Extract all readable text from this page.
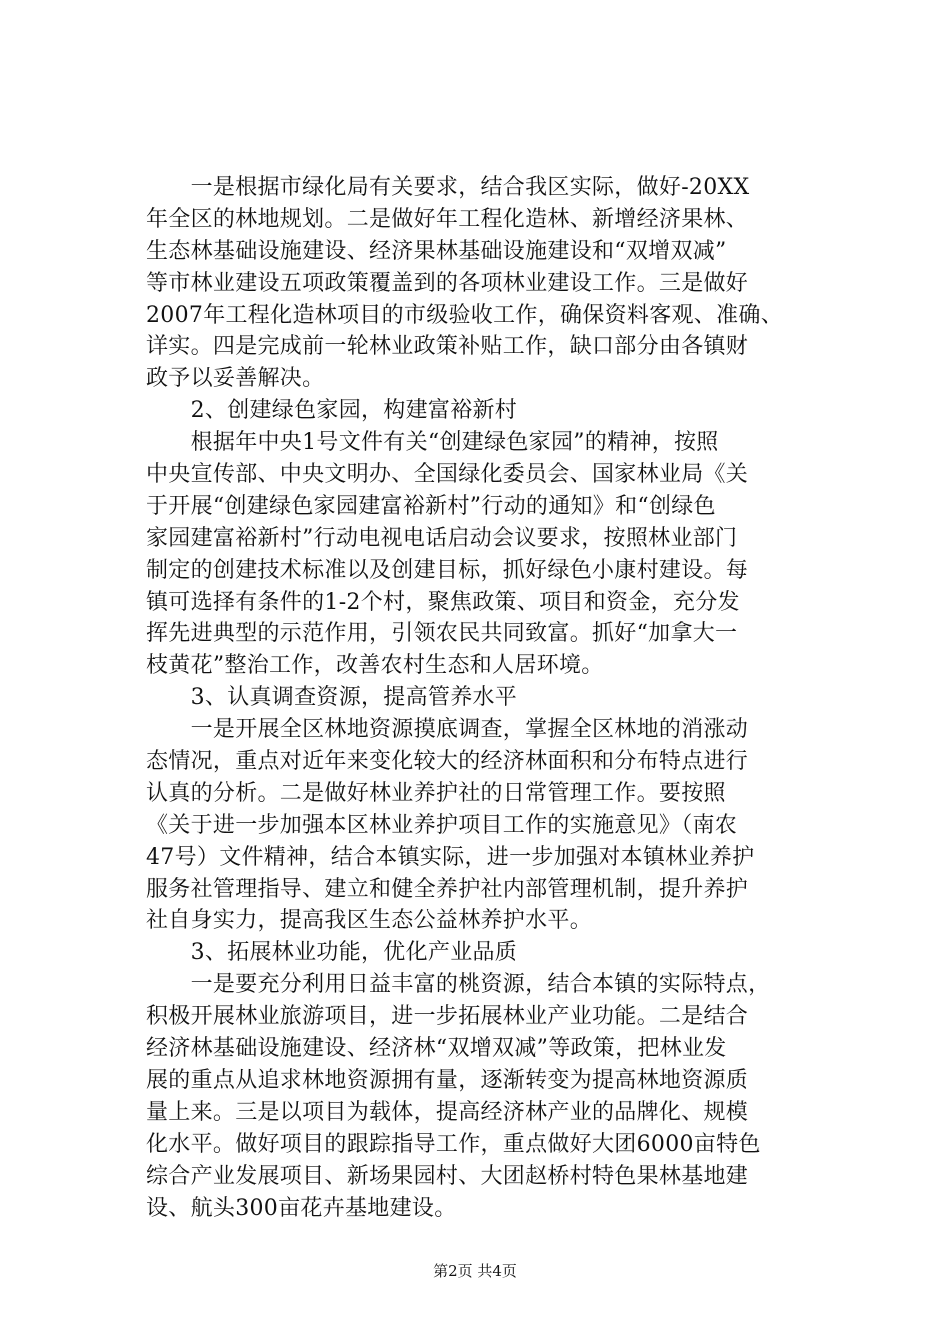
　　一是根据市绿化局有关要求，结合我区实际，做好-20XX
年全区的林地规划。二是做好年工程化造林、新增经济果林、
生态林基础设施建设、经济果林基础设施建设和“双增双减”
等市林业建设五项政策覆盖到的各项林业建设工作。三是做好
2007年工程化造林项目的市级验收工作，确保资料客观、准确、
详实。四是完成前一轮林业政策补贴工作，缺口部分由各镇财
政予以妥善解决。
　　2、创建绿色家园，构建富裕新村
　　根据年中央1号文件有关“创建绿色家园”的精神，按照
中央宣传部、中央文明办、全国绿化委员会、国家林业局《关
于开展“创建绿色家园建富裕新村”行动的通知》和“创绿色
家园建富裕新村”行动电视电话启动会议要求，按照林业部门
制定的创建技术标准以及创建目标，抓好绿色小康村建设。每
镇可选择有条件的1-2个村，聚焦政策、项目和资金，充分发
挥先进典型的示范作用，引领农民共同致富。抓好“加拿大一
枝黄花”整治工作，改善农村生态和人居环境。
　　3、认真调查资源，提高管养水平
　　一是开展全区林地资源摸底调查，掌握全区林地的消涨动
态情况，重点对近年来变化较大的经济林面积和分布特点进行
认真的分析。二是做好林业养护社的日常管理工作。要按照
《关于进一步加强本区林业养护项目工作的实施意见》（南农
47号）文件精神，结合本镇实际，进一步加强对本镇林业养护
服务社管理指导、建立和健全养护社内部管理机制，提升养护
社自身实力，提高我区生态公益林养护水平。
　　3、拓展林业功能，优化产业品质
　　一是要充分利用日益丰富的桃资源，结合本镇的实际特点，
积极开展林业旅游项目，进一步拓展林业产业功能。二是结合
经济林基础设施建设、经济林“双增双减”等政策，把林业发
展的重点从追求林地资源拥有量，逐渐转变为提高林地资源质
量上来。三是以项目为载体，提高经济林产业的品牌化、规模
化水平。做好项目的跟踪指导工作，重点做好大团6000亩特色
综合产业发展项目、新场果园村、大团赵桥村特色果林基地建
设、航头300亩花卉基地建设。
第2页 共4页
